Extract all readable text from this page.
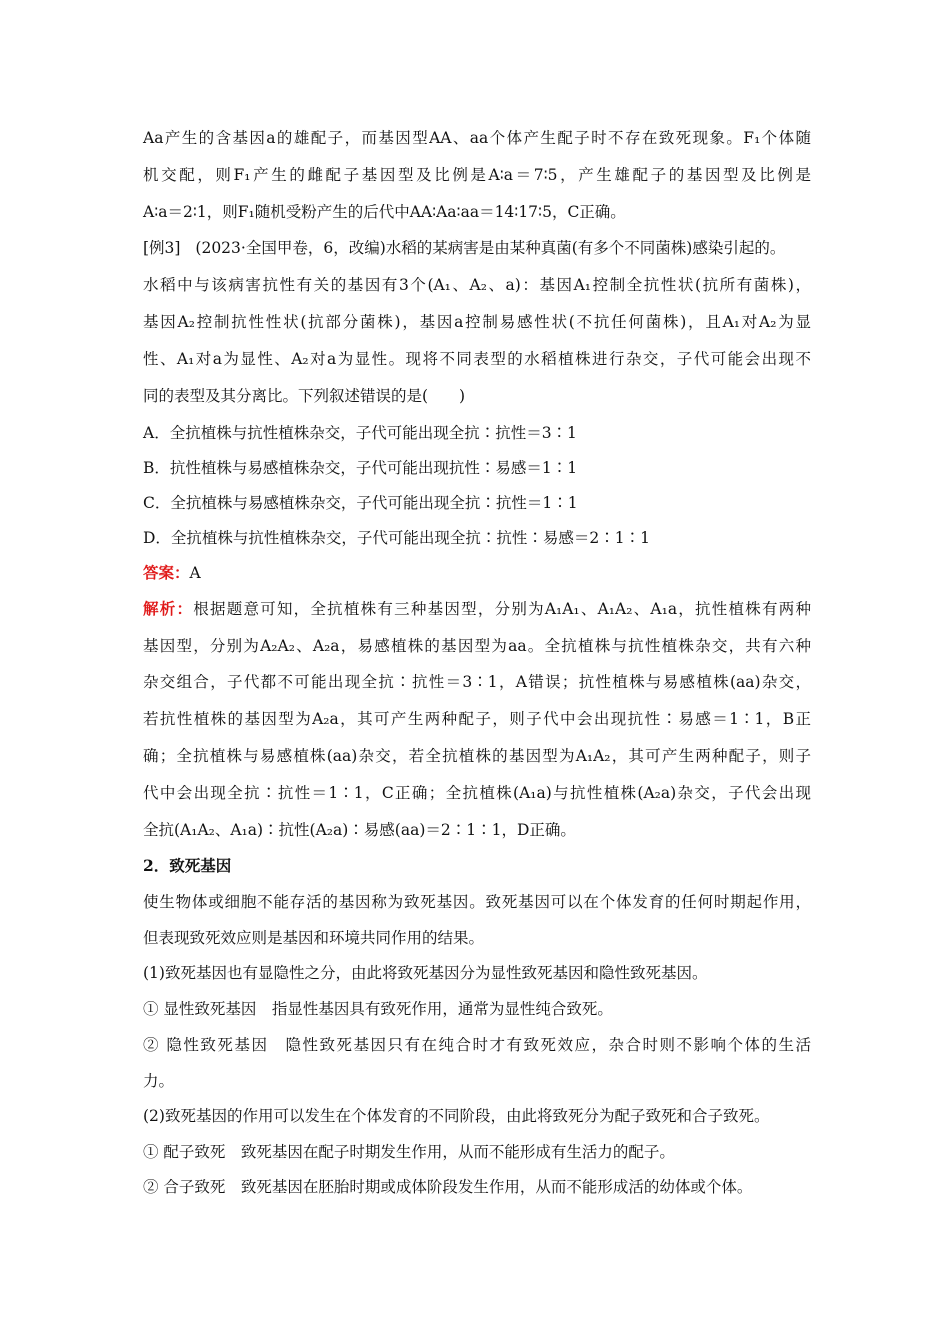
Aa产生的含基因a的雄配子，而基因型AA、aa个体产生配子时不存在致死现象。F₁个体随
机交配，则F₁产生的雌配子基因型及比例是A∶a＝7∶5，产生雄配子的基因型及比例是
A∶a＝2∶1，则F₁随机受粉产生的后代中AA∶Aa∶aa＝14∶17∶5，C正确。
[例3] (2023·全国甲卷，6，改编)水稻的某病害是由某种真菌(有多个不同菌株)感染引起的。
水稻中与该病害抗性有关的基因有3个(A₁、A₂、a)：基因A₁控制全抗性状(抗所有菌株)，
基因A₂控制抗性性状(抗部分菌株)，基因a控制易感性状(不抗任何菌株)，且A₁对A₂为显
性、A₁对a为显性、A₂对a为显性。现将不同表型的水稻植株进行杂交，子代可能会出现不
同的表型及其分离比。下列叙述错误的是(　　)
A．全抗植株与抗性植株杂交，子代可能出现全抗∶抗性＝3∶1
B．抗性植株与易感植株杂交，子代可能出现抗性∶易感＝1∶1
C．全抗植株与易感植株杂交，子代可能出现全抗∶抗性＝1∶1
D．全抗植株与抗性植株杂交，子代可能出现全抗∶抗性∶易感＝2∶1∶1
答案：A
解析：根据题意可知，全抗植株有三种基因型，分别为A₁A₁、A₁A₂、A₁a，抗性植株有两种
基因型，分别为A₂A₂、A₂a，易感植株的基因型为aa。全抗植株与抗性植株杂交，共有六种
杂交组合，子代都不可能出现全抗∶抗性＝3∶1，A错误；抗性植株与易感植株(aa)杂交，
若抗性植株的基因型为A₂a，其可产生两种配子，则子代中会出现抗性∶易感＝1∶1，B正
确；全抗植株与易感植株(aa)杂交，若全抗植株的基因型为A₁A₂，其可产生两种配子，则子
代中会出现全抗∶抗性＝1∶1，C正确；全抗植株(A₁a)与抗性植株(A₂a)杂交，子代会出现
全抗(A₁A₂、A₁a)∶抗性(A₂a)∶易感(aa)＝2∶1∶1，D正确。
2．致死基因
使生物体或细胞不能存活的基因称为致死基因。致死基因可以在个体发育的任何时期起作用，
但表现致死效应则是基因和环境共同作用的结果。
(1)致死基因也有显隐性之分，由此将致死基因分为显性致死基因和隐性致死基因。
① 显性致死基因　指显性基因具有致死作用，通常为显性纯合致死。
② 隐性致死基因　隐性致死基因只有在纯合时才有致死效应，杂合时则不影响个体的生活
力。
(2)致死基因的作用可以发生在个体发育的不同阶段，由此将致死分为配子致死和合子致死。
① 配子致死　致死基因在配子时期发生作用，从而不能形成有生活力的配子。
② 合子致死　致死基因在胚胎时期或成体阶段发生作用，从而不能形成活的幼体或个体。
